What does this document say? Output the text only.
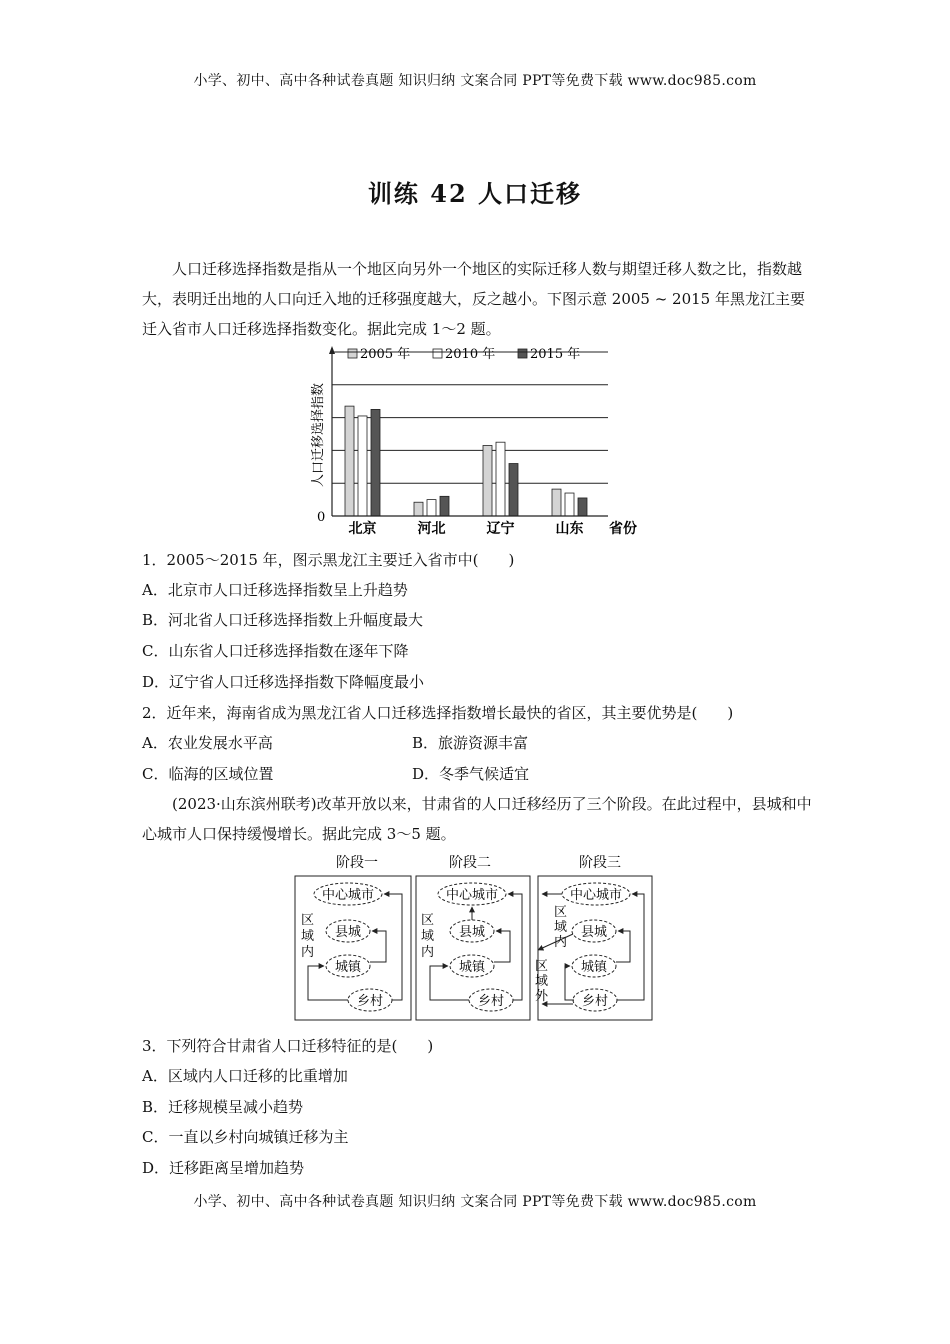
小学、初中、高中各种试卷真题 知识归纳 文案合同 PPT等免费下载 www.doc985.com
训练 42 人口迁移

人口迁移选择指数是指从一个地区向另外一个地区的实际迁移人数与期望迁移人数之比，指数越大，表明迁出地的人口向迁入地的迁移强度越大，反之越小。下图示意 2005 ~ 2015 年黑龙江主要迁入省市人口迁移选择指数变化。据此完成 1～2 题。

2005 年	2010 年	2015 年
人口迁移选择指数
0
省份
北京	河北	辽宁	山东
1．2005～2015 年，图示黑龙江主要迁入省市中(　　)
A．北京市人口迁移选择指数呈上升趋势
B．河北省人口迁移选择指数上升幅度最大
C．山东省人口迁移选择指数在逐年下降
D．辽宁省人口迁移选择指数下降幅度最小
2．近年来，海南省成为黑龙江省人口迁移选择指数增长最快的省区，其主要优势是(　　)
A．农业发展水平高	B．旅游资源丰富
C．临海的区域位置	D．冬季气候适宜

(2023·山东滨州联考)改革开放以来，甘肃省的人口迁移经历了三个阶段。在此过程中，县城和中心城市人口保持缓慢增长。据此完成 3～5 题。

阶段一	阶段二	阶段三
中心城市
县城
城镇
乡村
区域内
中心城市
县城
城镇
乡村
区域内
中心城市
县城
城镇
乡村
区域内
区域外
3．下列符合甘肃省人口迁移特征的是(　　)
A．区域内人口迁移的比重增加
B．迁移规模呈减小趋势
C．一直以乡村向城镇迁移为主
D．迁移距离呈增加趋势
小学、初中、高中各种试卷真题 知识归纳 文案合同 PPT等免费下载 www.doc985.com
